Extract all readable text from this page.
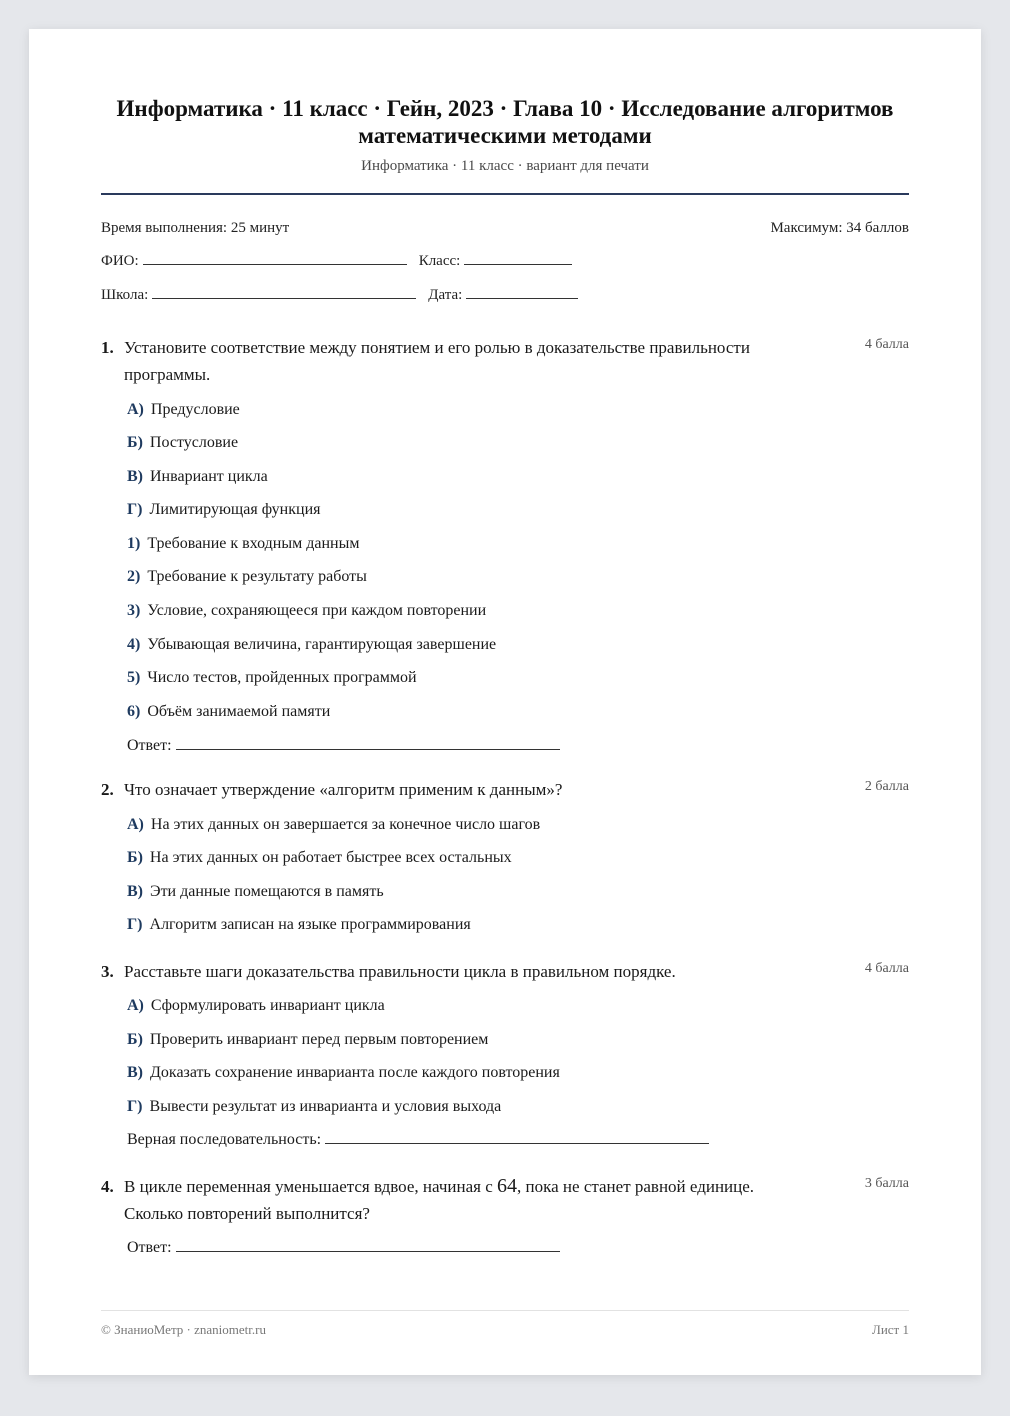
Информатика · 11 класс · Гейн, 2023 · Глава 10 · Исследование алгоритмов математическими методами
Информатика · 11 класс · вариант для печати
Время выполнения: 25 минут	Максимум: 34 баллов
ФИО:	Класс:
Школа:	Дата:
1. Установите соответствие между понятием и его ролью в доказательстве правильности программы.
4 балла
А) Предусловие
Б) Постусловие
В) Инвариант цикла
Г) Лимитирующая функция
1) Требование к входным данным
2) Требование к результату работы
3) Условие, сохраняющееся при каждом повторении
4) Убывающая величина, гарантирующая завершение
5) Число тестов, пройденных программой
6) Объём занимаемой памяти
Ответ:
2. Что означает утверждение «алгоритм применим к данным»?	2 балла
А) На этих данных он завершается за конечное число шагов
Б) На этих данных он работает быстрее всех остальных
В) Эти данные помещаются в память
Г) Алгоритм записан на языке программирования
3. Расставьте шаги доказательства правильности цикла в правильном порядке.	4 балла
А) Сформулировать инвариант цикла
Б) Проверить инвариант перед первым повторением
В) Доказать сохранение инварианта после каждого повторения
Г) Вывести результат из инварианта и условия выхода
Верная последовательность:
4. В цикле переменная уменьшается вдвое, начиная с 64, пока не станет равной единице. Сколько повторений выполнится?
3 балла
Ответ:
© ЗнаниоМетр · znaniometr.ru	Лист 1
